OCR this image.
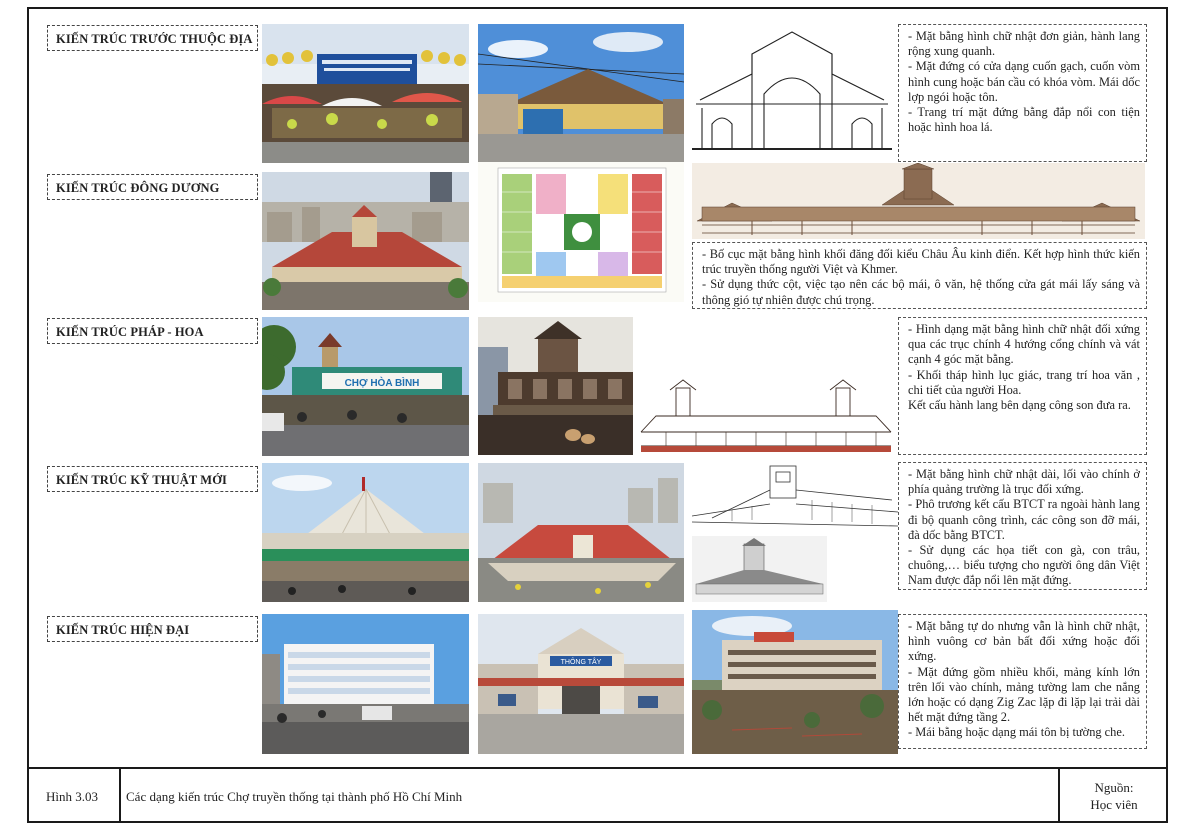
KIẾN TRÚC TRƯỚC THUỘC ĐỊA	- Mặt bằng hình chữ nhật đơn giản, hành lang rộng xung quanh.

- Mặt đứng có cửa dạng cuốn gạch, cuốn vòm hình cung hoặc bán cầu có khóa vòm. Mái dốc lợp ngói hoặc tôn.

- Trang trí mặt đứng bằng đắp nổi con tiện hoặc hình hoa lá.

KIẾN TRÚC ĐÔNG DƯƠNG

- Bố cục mặt bằng hình khối đăng đối kiểu Châu Âu kinh điển. Kết hợp hình thức kiến trúc truyền thống người Việt và Khmer.

- Sử dụng thức cột, việc tạo nên các bộ mái, ô văn, hệ thống cửa gát mái lấy sáng và thông gió tự nhiên được chú trọng.

KIẾN TRÚC PHÁP - HOA
CHỢ HÒA BÌNH

- Hình dạng mặt bằng hình chữ nhật đối xứng qua các trục chính 4 hướng cổng chính và vát cạnh 4 góc mặt bằng.

- Khối tháp hình lục giác, trang trí hoa văn , chi tiết của người Hoa.

Kết cấu hành lang bên dạng công son đưa ra.

KIẾN TRÚC KỸ THUẬT MỚI	- Mặt bằng hình chữ nhật dài, lối vào chính ở phía quảng trường là trục đối xứng.

- Phô trương kết cấu BTCT ra ngoài hành lang đi bộ quanh công trình, các công son đỡ mái, đà dốc bằng BTCT.

- Sử dụng các họa tiết con gà, con trâu, chuông,… biểu tượng cho người ông dân Việt Nam được đắp nổi lên mặt đứng.

KIẾN TRÚC HIỆN ĐẠI
THÔNG TÂY

- Mặt bằng tự do nhưng vẫn là hình chữ nhật, hình vuông cơ bản bất đối xứng hoặc đối xứng.

- Mặt đứng gồm nhiều khối, mảng kính lớn trên lối vào chính, mảng tường lam che nắng lớn hoặc có dạng Zig Zac lặp đi lặp lại trải dài hết mặt đứng tầng 2.

- Mái bằng hoặc dạng mái tôn bị tường che.

Hình 3.03 Các dạng kiến trúc Chợ truyền thống tại thành phố Hồ Chí Minh
Nguồn:
Học viên
